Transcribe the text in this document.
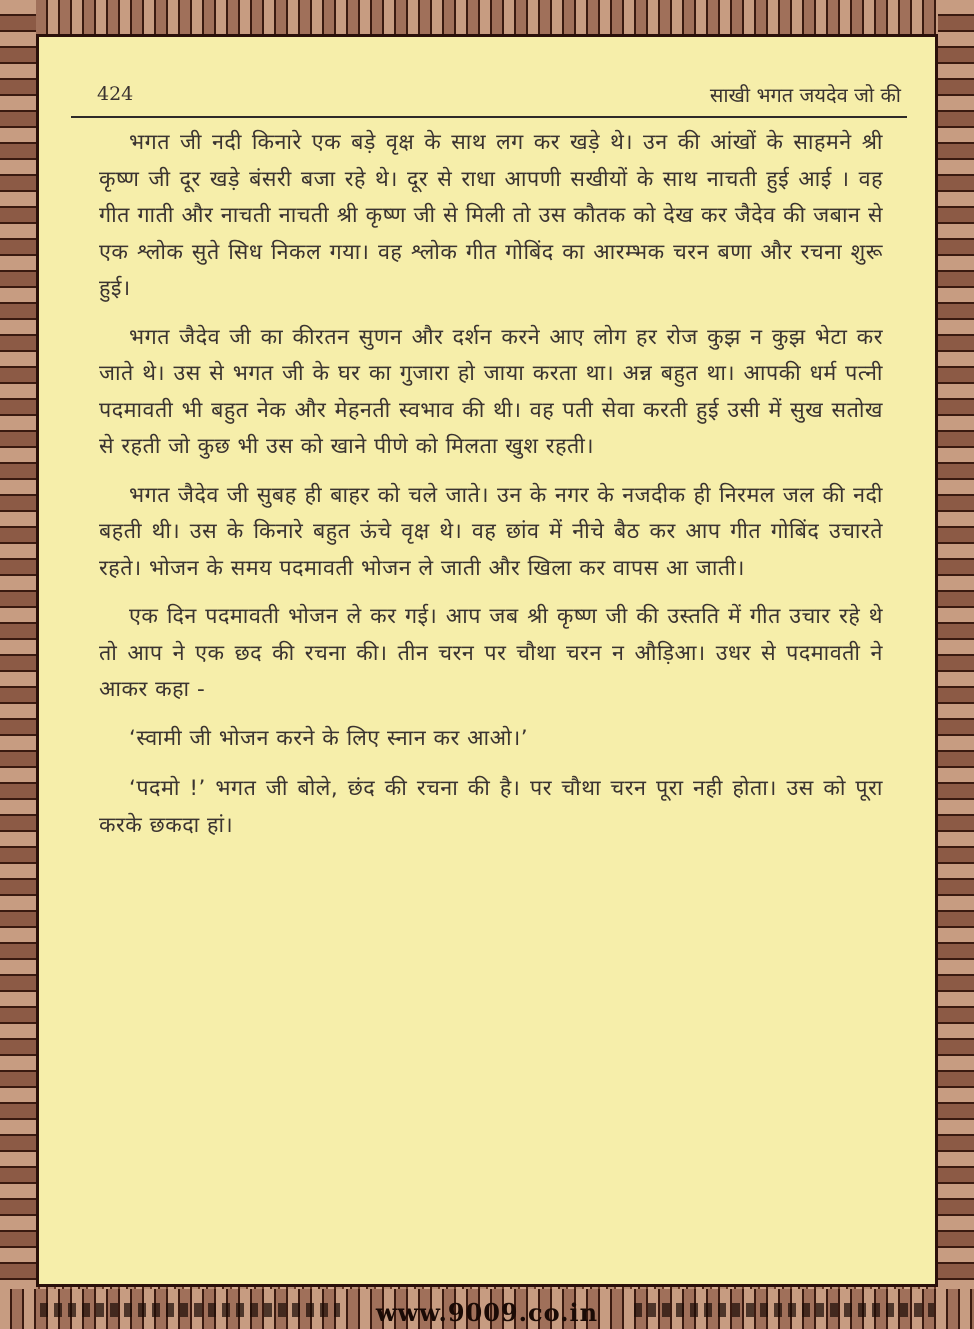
424	साखी भगत जयदेव जो की

भगत जी नदी किनारे एक बड़े वृक्ष के साथ लग कर खड़े थे। उन की आंखों के साहमने श्री कृष्ण जी दूर खड़े बंसरी बजा रहे थे। दूर से राधा आपणी सखीयों के साथ नाचती हुई आई । वह गीत गाती और नाचती नाचती श्री कृष्ण जी से मिली तो उस कौतक को देख कर जैदेव की जबान से एक श्लोक सुते सिध निकल गया। वह श्लोक गीत गोबिंद का आरम्भक चरन बणा और रचना शुरू हुई।

भगत जैदेव जी का कीरतन सुणन और दर्शन करने आए लोग हर रोज कुझ न कुझ भेटा कर जाते थे। उस से भगत जी के घर का गुजारा हो जाया करता था। अन्न बहुत था। आपकी धर्म पत्नी पदमावती भी बहुत नेक और मेहनती स्वभाव की थी। वह पती सेवा करती हुई उसी में सुख सतोख से रहती जो कुछ भी उस को खाने पीणे को मिलता खुश रहती।

भगत जैदेव जी सुबह ही बाहर को चले जाते। उन के नगर के नजदीक ही निरमल जल की नदी बहती थी। उस के किनारे बहुत ऊंचे वृक्ष थे। वह छांव में नीचे बैठ कर आप गीत गोबिंद उचारते रहते। भोजन के समय पदमावती भोजन ले जाती और खिला कर वापस आ जाती।

एक दिन पदमावती भोजन ले कर गई। आप जब श्री कृष्ण जी की उस्तति में गीत उचार रहे थे तो आप ने एक छद की रचना की। तीन चरन पर चौथा चरन न औड़िआ। उधर से पदमावती ने आकर कहा -

‘स्वामी जी भोजन करने के लिए स्नान कर आओ।’

‘पदमो !’ भगत जी बोले, छंद की रचना की है। पर चौथा चरन पूरा नही होता। उस को पूरा करके छकदा हां।

www.9009.co.in
